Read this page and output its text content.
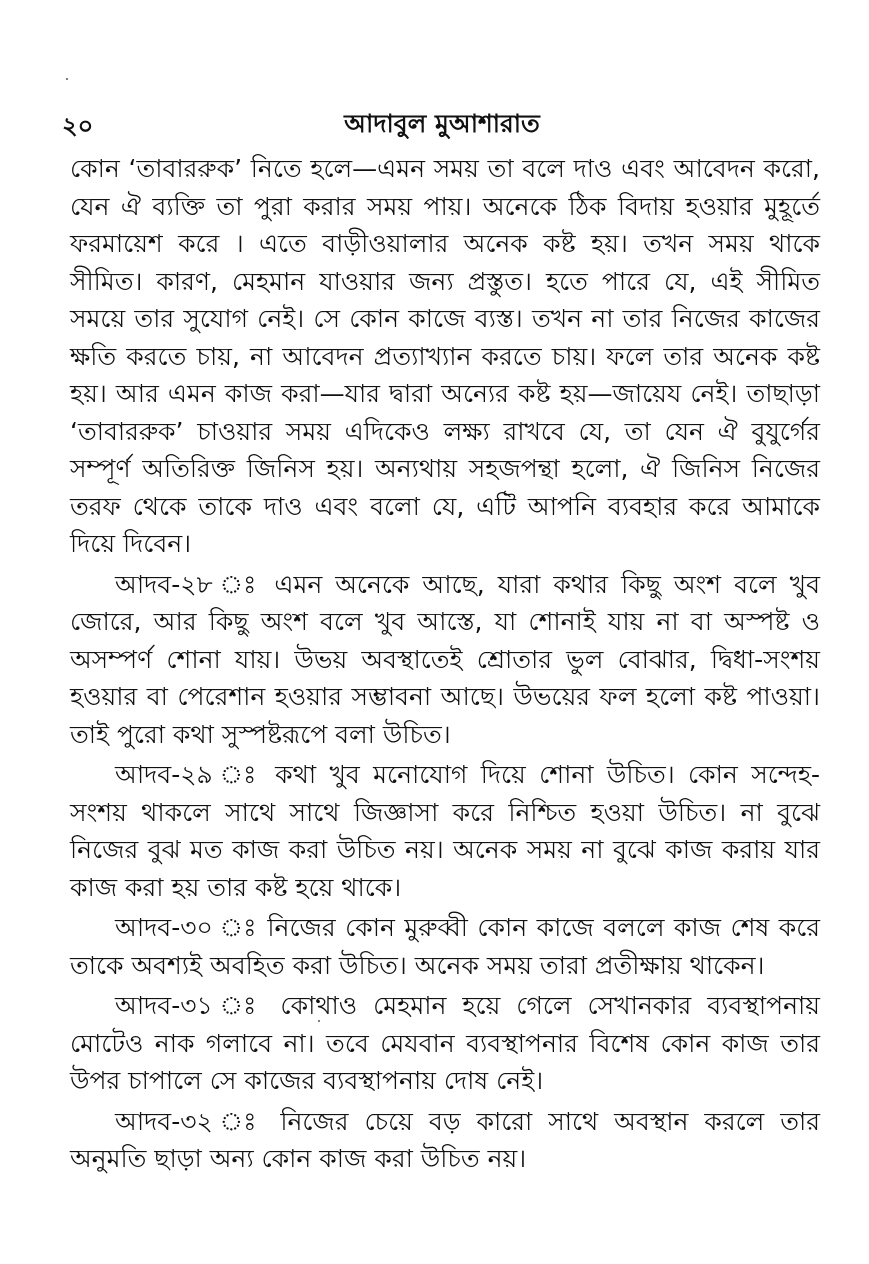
২০	আদাবুল মুআশারাত

কোন ‘তাবাররুক’ নিতে হলে—এমন সময় তা বলে দাও এবং আবেদন করো, যেন ঐ ব্যক্তি তা পুরা করার সময় পায়। অনেকে ঠিক বিদায় হওয়ার মুহূর্তে ফরমায়েশ করে । এতে বাড়ীওয়ালার অনেক কষ্ট হয়। তখন সময় থাকে সীমিত। কারণ, মেহমান যাওয়ার জন্য প্রস্তুত। হতে পারে যে, এই সীমিত সময়ে তার সুযোগ নেই। সে কোন কাজে ব্যস্ত। তখন না তার নিজের কাজের ক্ষতি করতে চায়, না আবেদন প্রত্যাখ্যান করতে চায়। ফলে তার অনেক কষ্ট হয়। আর এমন কাজ করা—যার দ্বারা অন্যের কষ্ট হয়—জায়েয নেই। তাছাড়া ‘তাবাররুক’ চাওয়ার সময় এদিকেও লক্ষ্য রাখবে যে, তা যেন ঐ বুযুর্গের সম্পূর্ণ অতিরিক্ত জিনিস হয়। অন্যথায় সহজপন্থা হলো, ঐ জিনিস নিজের তরফ থেকে তাকে দাও এবং বলো যে, এটি আপনি ব্যবহার করে আমাকে দিয়ে দিবেন।

আদব-২৮ ঃ এমন অনেকে আছে, যারা কথার কিছু অংশ বলে খুব জোরে, আর কিছু অংশ বলে খুব আস্তে, যা শোনাই যায় না বা অস্পষ্ট ও অসম্পর্ণ শোনা যায়। উভয় অবস্থাতেই শ্রোতার ভুল বোঝার, দ্বিধা-সংশয় হওয়ার বা পেরেশান হওয়ার সম্ভাবনা আছে। উভয়ের ফল হলো কষ্ট পাওয়া। তাই পুরো কথা সুস্পষ্টরূপে বলা উচিত।

আদব-২৯ ঃ কথা খুব মনোযোগ দিয়ে শোনা উচিত। কোন সন্দেহ-সংশয় থাকলে সাথে সাথে জিজ্ঞাসা করে নিশ্চিত হওয়া উচিত। না বুঝে নিজের বুঝ মত কাজ করা উচিত নয়। অনেক সময় না বুঝে কাজ করায় যার কাজ করা হয় তার কষ্ট হয়ে থাকে।

আদব-৩০ ঃ নিজের কোন মুরুব্বী কোন কাজে বললে কাজ শেষ করে তাকে অবশ্যই অবহিত করা উচিত। অনেক সময় তারা প্রতীক্ষায় থাকেন।

আদব-৩১ ঃ কোথাও মেহমান হয়ে গেলে সেখানকার ব্যবস্থাপনায় মোটেও নাক গলাবে না। তবে মেযবান ব্যবস্থাপনার বিশেষ কোন কাজ তার উপর চাপালে সে কাজের ব্যবস্থাপনায় দোষ নেই।

আদব-৩২ ঃ নিজের চেয়ে বড় কারো সাথে অবস্থান করলে তার অনুমতি ছাড়া অন্য কোন কাজ করা উচিত নয়।
